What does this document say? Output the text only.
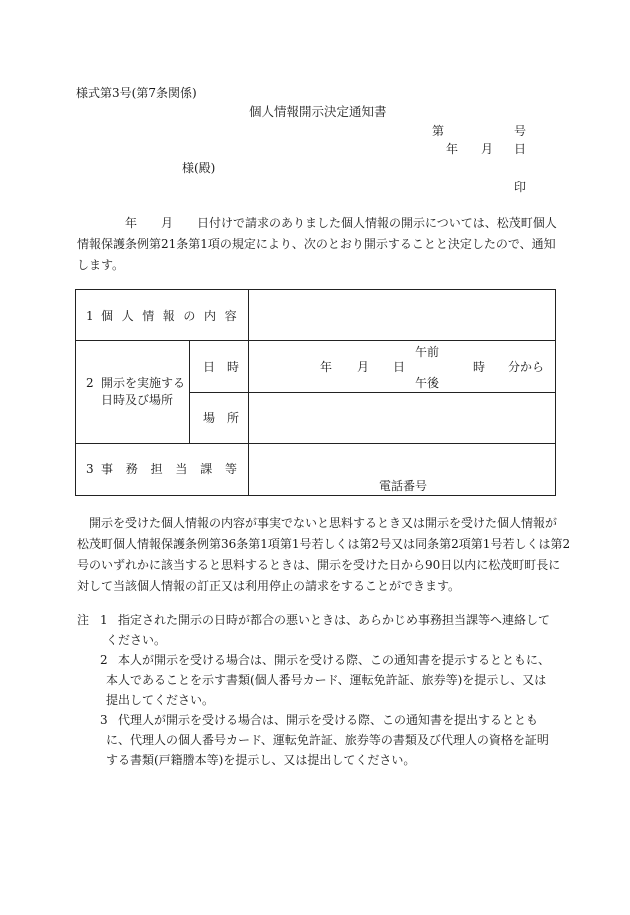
様式第3号(第7条関係)
個人情報開示決定通知書
第	号
年 月 日
様(殿)
印
年 月 日付けで請求のありました個人情報の開示については、松茂町個人
情報保護条例第21条第1項の規定により、次のとおり開示することと決定したので、通知
します。
1 個人情報の内容
2 開示を実施する
日時及び場所
日　時
場　所
午前
年 月 日	時 分から
午後
3 事務担当課等
電話番号
開示を受けた個人情報の内容が事実でないと思料するとき又は開示を受けた個人情報が
松茂町個人情報保護条例第36条第1項第1号若しくは第2号又は同条第2項第1号若しくは第2
号のいずれかに該当すると思料するときは、開示を受けた日から90日以内に松茂町町長に
対して当該個人情報の訂正又は利用停止の請求をすることができます。
注 1 指定された開示の日時が都合の悪いときは、あらかじめ事務担当課等へ連絡して
ください。
2 本人が開示を受ける場合は、開示を受ける際、この通知書を提示するとともに、
本人であることを示す書類(個人番号カード、運転免許証、旅券等)を提示し、又は
提出してください。
3 代理人が開示を受ける場合は、開示を受ける際、この通知書を提出するととも
に、代理人の個人番号カード、運転免許証、旅券等の書類及び代理人の資格を証明
する書類(戸籍謄本等)を提示し、又は提出してください。
